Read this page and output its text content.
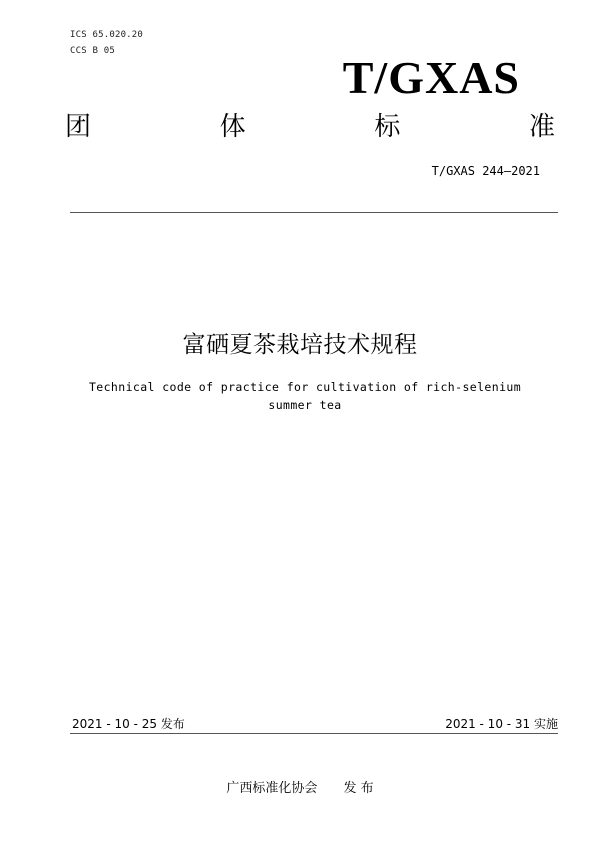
ICS 65.020.20
CCS B 05
T/GXAS
团	体	标	准
T/GXAS 244—2021
富硒夏茶栽培技术规程
Technical code of practice for cultivation of rich-selenium summer tea
2021 - 10 - 25 发布	2021 - 10 - 31 实施
广西标准化协会 发 布
